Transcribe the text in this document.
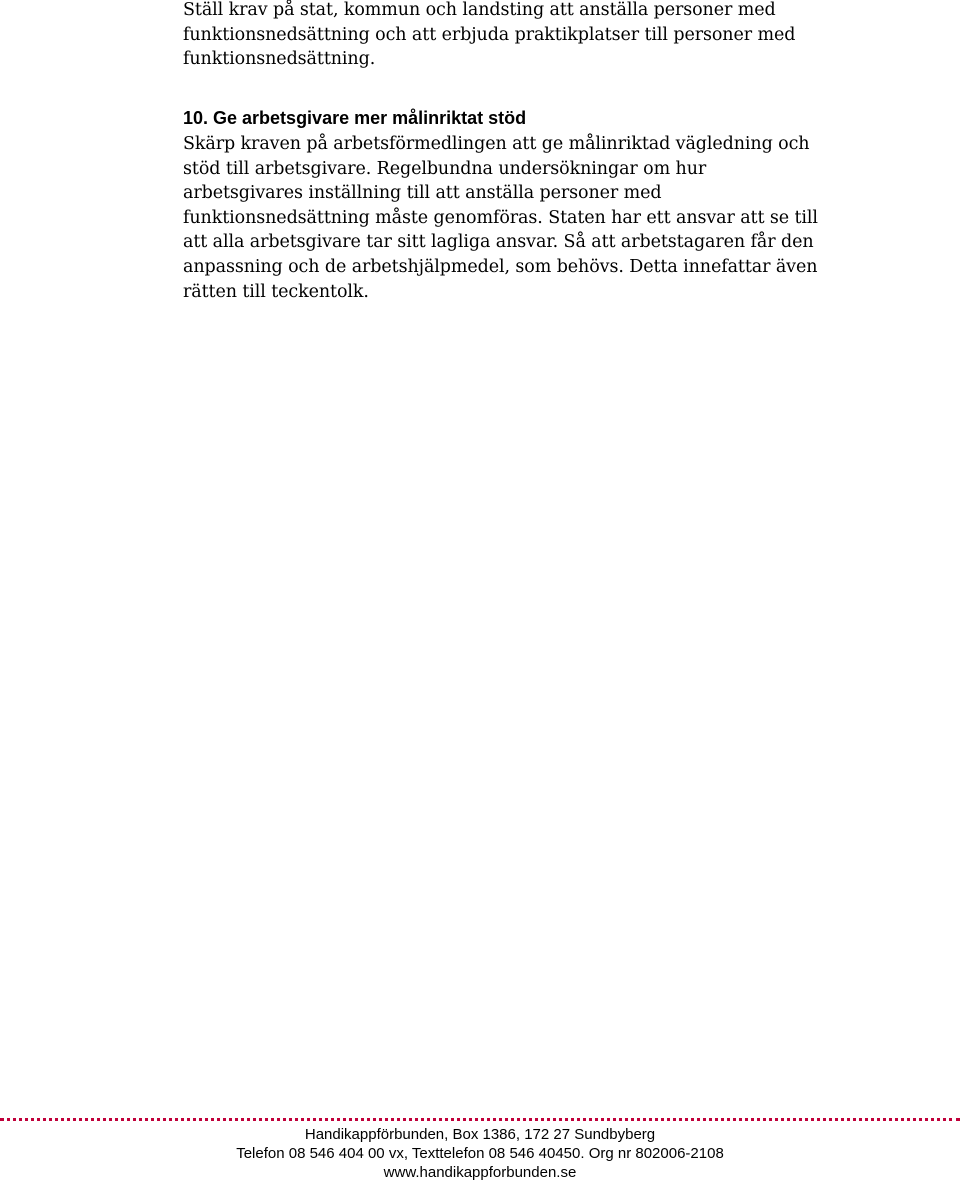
Ställ krav på stat, kommun och landsting att anställa personer med funktionsnedsättning och att erbjuda praktikplatser till personer med funktionsnedsättning.

10. Ge arbetsgivare mer målinriktat stöd

Skärp kraven på arbetsförmedlingen att ge målinriktad vägledning och stöd till arbetsgivare. Regelbundna undersökningar om hur arbetsgivares inställning till att anställa personer med funktionsnedsättning måste genomföras. Staten har ett ansvar att se till att alla arbetsgivare tar sitt lagliga ansvar. Så att arbetstagaren får den anpassning och de arbetshjälpmedel, som behövs. Detta innefattar även rätten till teckentolk.

Handikappförbunden, Box 1386, 172 27 Sundbyberg
Telefon 08 546 404 00 vx, Texttelefon 08 546 40450. Org nr 802006-2108
www.handikappforbunden.se
